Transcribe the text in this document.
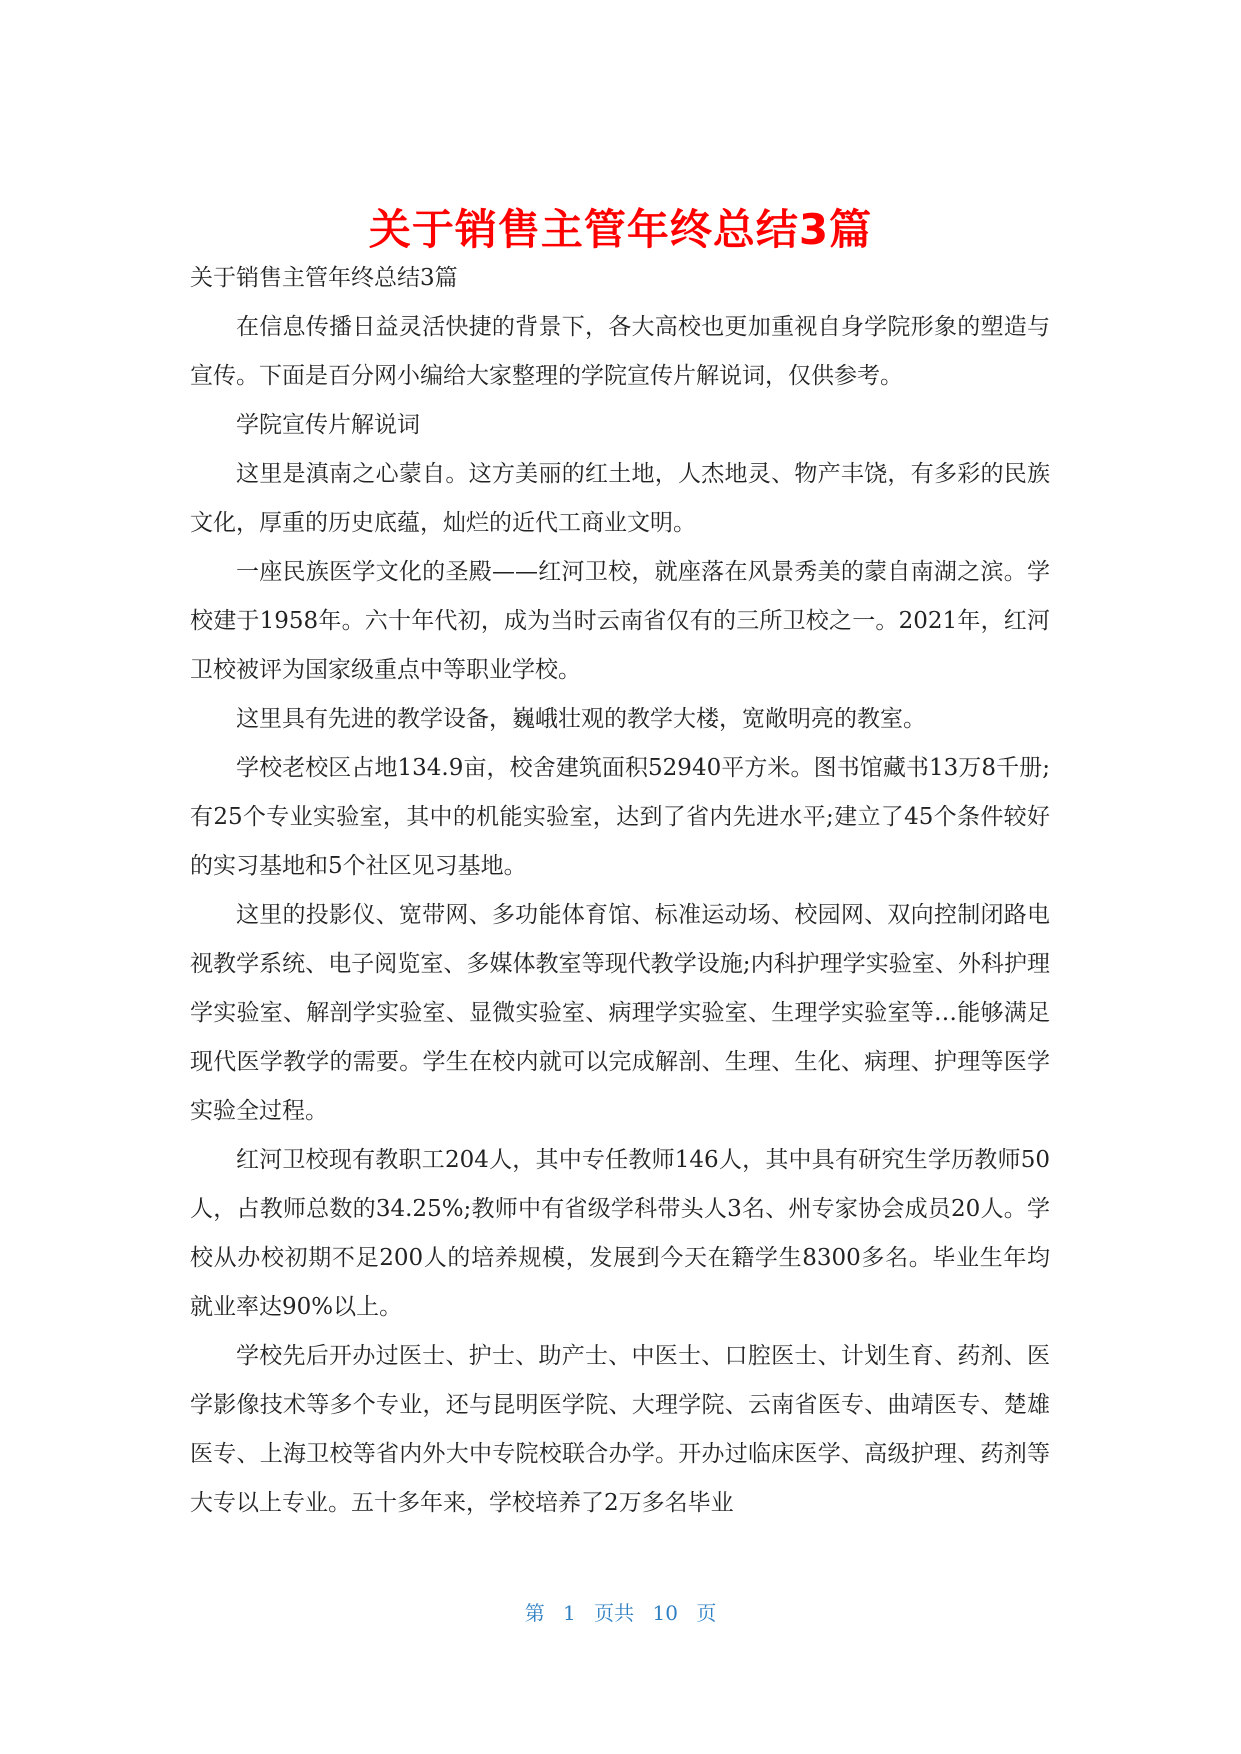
关于销售主管年终总结3篇

关于销售主管年终总结3篇

在信息传播日益灵活快捷的背景下，各大高校也更加重视自身学院形象的塑造与宣传。下面是百分网小编给大家整理的学院宣传片解说词，仅供参考。

学院宣传片解说词

这里是滇南之心蒙自。这方美丽的红土地，人杰地灵、物产丰饶，有多彩的民族文化，厚重的历史底蕴，灿烂的近代工商业文明。

一座民族医学文化的圣殿——红河卫校，就座落在风景秀美的蒙自南湖之滨。学校建于1958年。六十年代初，成为当时云南省仅有的三所卫校之一。2021年，红河卫校被评为国家级重点中等职业学校。

这里具有先进的教学设备，巍峨壮观的教学大楼，宽敞明亮的教室。

学校老校区占地134.9亩，校舍建筑面积52940平方米。图书馆藏书13万8千册;有25个专业实验室，其中的机能实验室，达到了省内先进水平;建立了45个条件较好的实习基地和5个社区见习基地。

这里的投影仪、宽带网、多功能体育馆、标准运动场、校园网、双向控制闭路电视教学系统、电子阅览室、多媒体教室等现代教学设施;内科护理学实验室、外科护理学实验室、解剖学实验室、显微实验室、病理学实验室、生理学实验室等…能够满足现代医学教学的需要。学生在校内就可以完成解剖、生理、生化、病理、护理等医学实验全过程。

红河卫校现有教职工204人，其中专任教师146人，其中具有研究生学历教师50人，占教师总数的34.25%;教师中有省级学科带头人3名、州专家协会成员20人。学校从办校初期不足200人的培养规模，发展到今天在籍学生8300多名。毕业生年均就业率达90%以上。

学校先后开办过医士、护士、助产士、中医士、口腔医士、计划生育、药剂、医学影像技术等多个专业，还与昆明医学院、大理学院、云南省医专、曲靖医专、楚雄医专、上海卫校等省内外大中专院校联合办学。开办过临床医学、高级护理、药剂等大专以上专业。五十多年来，学校培养了2万多名毕业

第 1 页共 10 页
